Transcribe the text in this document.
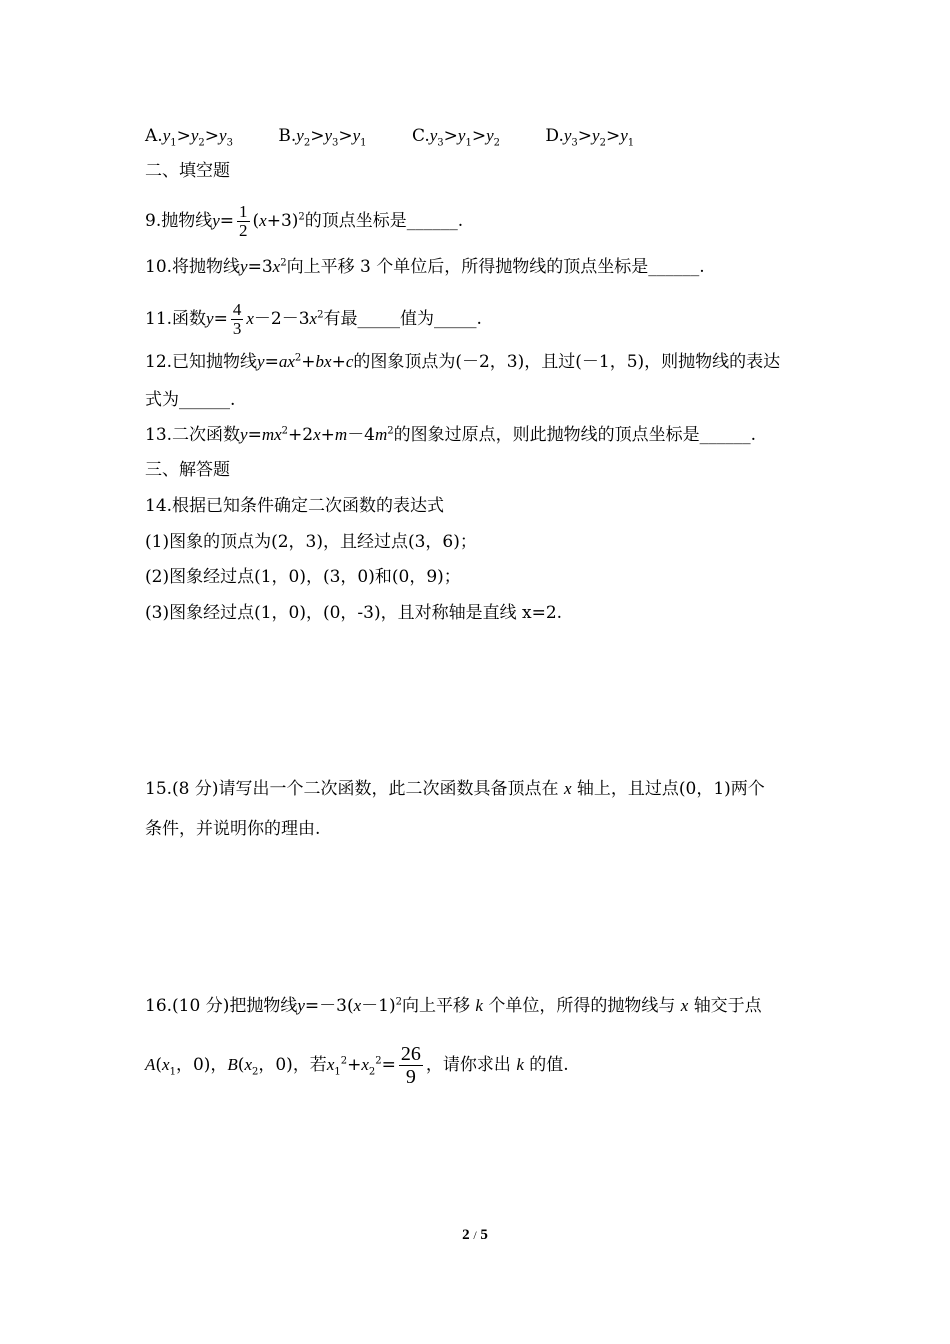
$A.y_1>y_2>y_3$	$B.y_2>y_3>y_1$	$C.y_3>y_1>y_2$	$D.y_3>y_2>y_1$
二、填空题
9.抛物线$y= \frac{1}{2} (x+3)^2$的顶点坐标是______.
10.将抛物线$y=3x^2$向上平移 3 个单位后，所得抛物线的顶点坐标是______.
11.函数$y= \frac{4}{3} x-2-3x^2$有最_____值为_____.
12.已知抛物线$y=ax^2+bx+c$的图象顶点为(－2，3)，且过(－1，5)，则抛物线的表达
式为______.
13.二次函数$y=mx^2+2x+m-4m^2$的图象过原点，则此抛物线的顶点坐标是______.
三、解答题
14.根据已知条件确定二次函数的表达式
(1)图象的顶点为(2，3)，且经过点(3，6)；
(2)图象经过点(1，0)，(3，0)和(0，9)；
(3)图象经过点(1，0)，(0，-3)，且对称轴是直线 x=2.
15.(8 分)请写出一个二次函数，此二次函数具备顶点在 x 轴上，且过点(0，1)两个
条件，并说明你的理由.
16.(10 分)把抛物线$y=-3(x-1)^2$向上平移 k 个单位，所得的抛物线与 x 轴交于点
$A(x_1$，0)，$B(x_2$，0)，若$x_1^2+x_2^2= \frac{26}{9}$ ，请你求出 k 的值.
2 / 5
